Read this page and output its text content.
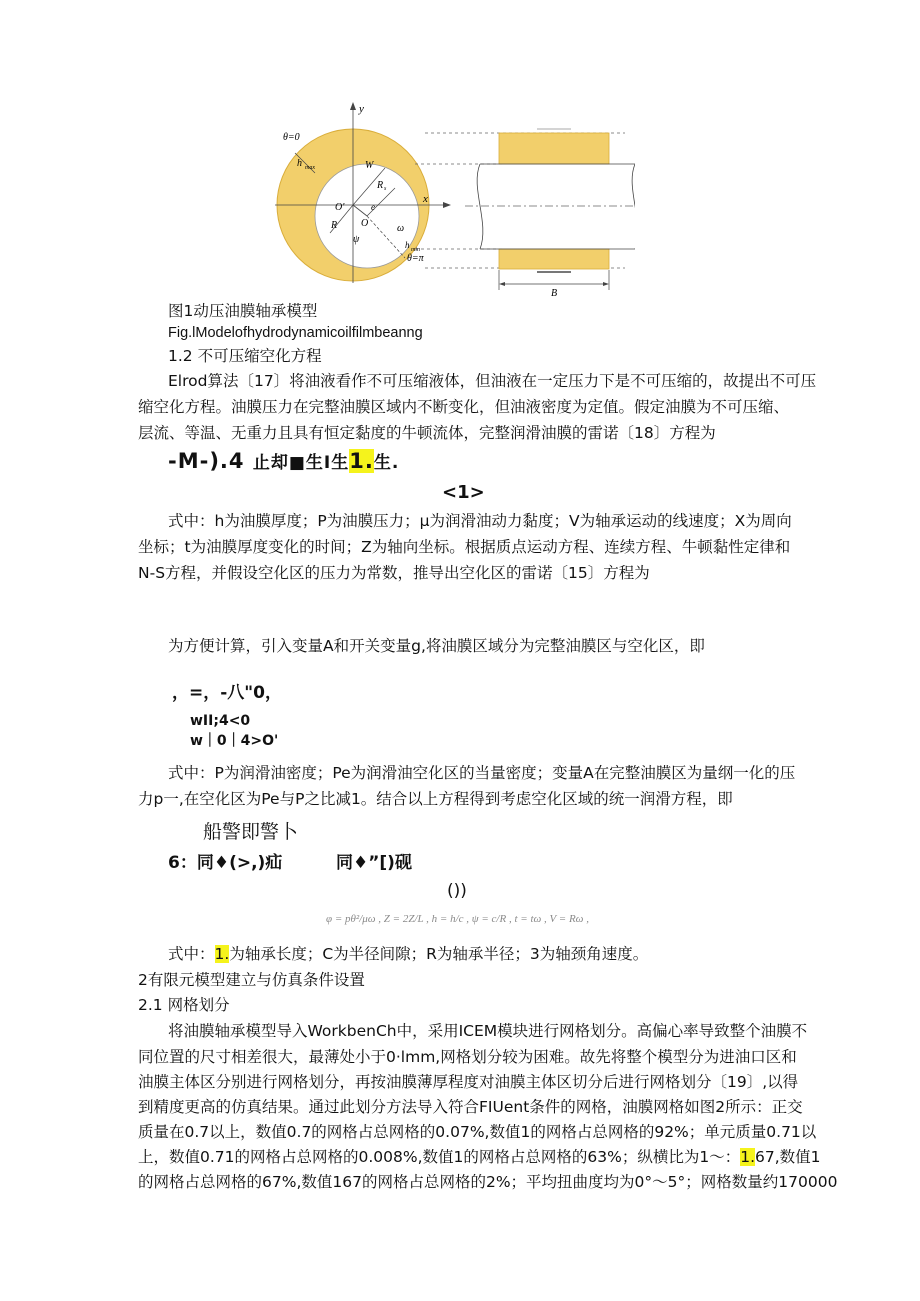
θ=0
h max
y
x
W
R s
O'
R O
ψ
e
ω
h min
θ=π
B
图1动压油膜轴承模型
Fig.lModelofhydrodynamicoilfilmbeanng
1.2 不可压缩空化方程
Elrod算法〔17〕将油液看作不可压缩液体，但油液在一定压力下是不可压缩的，故提出不可压
缩空化方程。油膜压力在完整油膜区域内不断变化，但油液密度为定值。假定油膜为不可压缩、
层流、等温、无重力且具有恒定黏度的牛顿流体，完整润滑油膜的雷诺〔18〕方程为
-M-).4 止却■生I生1.生.
<1>
式中：h为油膜厚度；P为油膜压力；μ为润滑油动力黏度；V为轴承运动的线速度；X为周向
坐标；t为油膜厚度变化的时间；Z为轴向坐标。根据质点运动方程、连续方程、牛顿黏性定律和
N-S方程，并假设空化区的压力为常数，推导出空化区的雷诺〔15〕方程为
为方便计算，引入变量A和开关变量g,将油膜区域分为完整油膜区与空化区，即
，=，-八"0，
wII;4<0
w｜0｜4>O'
式中：P为润滑油密度；Pe为润滑油空化区的当量密度；变量A在完整油膜区为量纲一化的压
力p一,在空化区为Pe与P之比减1。结合以上方程得到考虑空化区域的统一润滑方程，即
船警即警卜
6：同♦(>,)疝	同♦”[)砚
())
φ = pθ²/μω , Z = 2Z/L , h = h/c , ψ = c/R , t = tω , V = Rω ,
式中：1.为轴承长度；C为半径间隙；R为轴承半径；3为轴颈角速度。
2有限元模型建立与仿真条件设置
2.1 网格划分
将油膜轴承模型导入WorkbenCh中，采用ICEM模块进行网格划分。高偏心率导致整个油膜不
同位置的尺寸相差很大，最薄处小于0·lmm,网格划分较为困难。故先将整个模型分为进油口区和
油膜主体区分别进行网格划分，再按油膜薄厚程度对油膜主体区切分后进行网格划分〔19〕,以得
到精度更高的仿真结果。通过此划分方法导入符合FIUent条件的网格，油膜网格如图2所示：正交
质量在0.7以上，数值0.7的网格占总网格的0.07%,数值1的网格占总网格的92%；单元质量0.71以
上，数值0.71的网格占总网格的0.008%,数值1的网格占总网格的63%；纵横比为1～：1.67,数值1
的网格占总网格的67%,数值167的网格占总网格的2%；平均扭曲度均为0°～5°；网格数量约170000
